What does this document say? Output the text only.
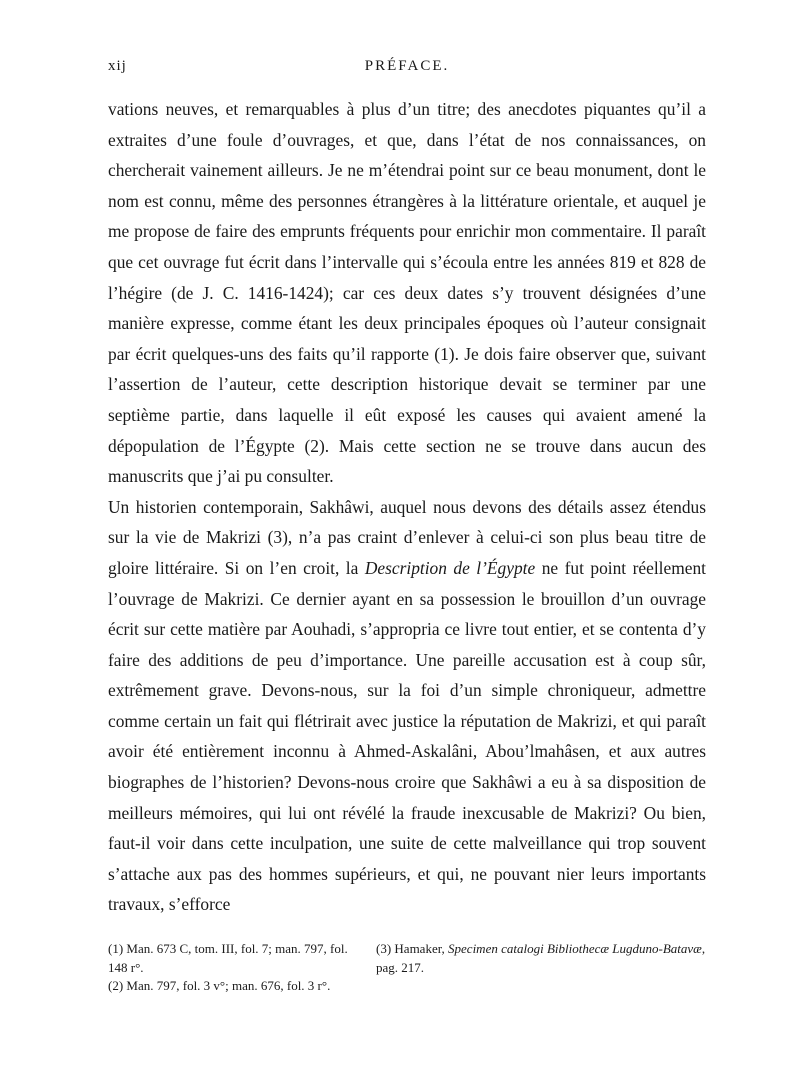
xij	PRÉFACE.

vations neuves, et remarquables à plus d’un titre; des anecdotes piquantes qu’il a extraites d’une foule d’ouvrages, et que, dans l’état de nos connaissances, on chercherait vainement ailleurs. Je ne m’étendrai point sur ce beau monument, dont le nom est connu, même des personnes étrangères à la littérature orientale, et auquel je me propose de faire des emprunts fréquents pour enrichir mon commentaire. Il paraît que cet ouvrage fut écrit dans l’intervalle qui s’écoula entre les années 819 et 828 de l’hégire (de J. C. 1416-1424); car ces deux dates s’y trouvent désignées d’une manière expresse, comme étant les deux principales époques où l’auteur consignait par écrit quelques-uns des faits qu’il rapporte (1). Je dois faire observer que, suivant l’assertion de l’auteur, cette description historique devait se terminer par une septième partie, dans laquelle il eût exposé les causes qui avaient amené la dépopulation de l’Égypte (2). Mais cette section ne se trouve dans aucun des manuscrits que j’ai pu consulter.

Un historien contemporain, Sakhâwi, auquel nous devons des détails assez étendus sur la vie de Makrizi (3), n’a pas craint d’enlever à celui-ci son plus beau titre de gloire littéraire. Si on l’en croit, la Description de l’Égypte ne fut point réellement l’ouvrage de Makrizi. Ce dernier ayant en sa possession le brouillon d’un ouvrage écrit sur cette matière par Aouhadi, s’appropria ce livre tout entier, et se contenta d’y faire des additions de peu d’importance. Une pareille accusation est à coup sûr, extrêmement grave. Devons-nous, sur la foi d’un simple chroniqueur, admettre comme certain un fait qui flétrirait avec justice la réputation de Makrizi, et qui paraît avoir été entièrement inconnu à Ahmed-Askalâni, Abou’lmahâsen, et aux autres biographes de l’historien? Devons-nous croire que Sakhâwi a eu à sa disposition de meilleurs mémoires, qui lui ont révélé la fraude inexcusable de Makrizi? Ou bien, faut-il voir dans cette inculpation, une suite de cette malveillance qui trop souvent s’attache aux pas des hommes supérieurs, et qui, ne pouvant nier leurs importants travaux, s’efforce

(1) Man. 673 C, tom. III, fol. 7; man. 797, fol. 148 r°.

(3) Hamaker, Specimen catalogi Bibliothecæ Lugduno-Batavæ, pag. 217.

(2) Man. 797, fol. 3 v°; man. 676, fol. 3 r°.
